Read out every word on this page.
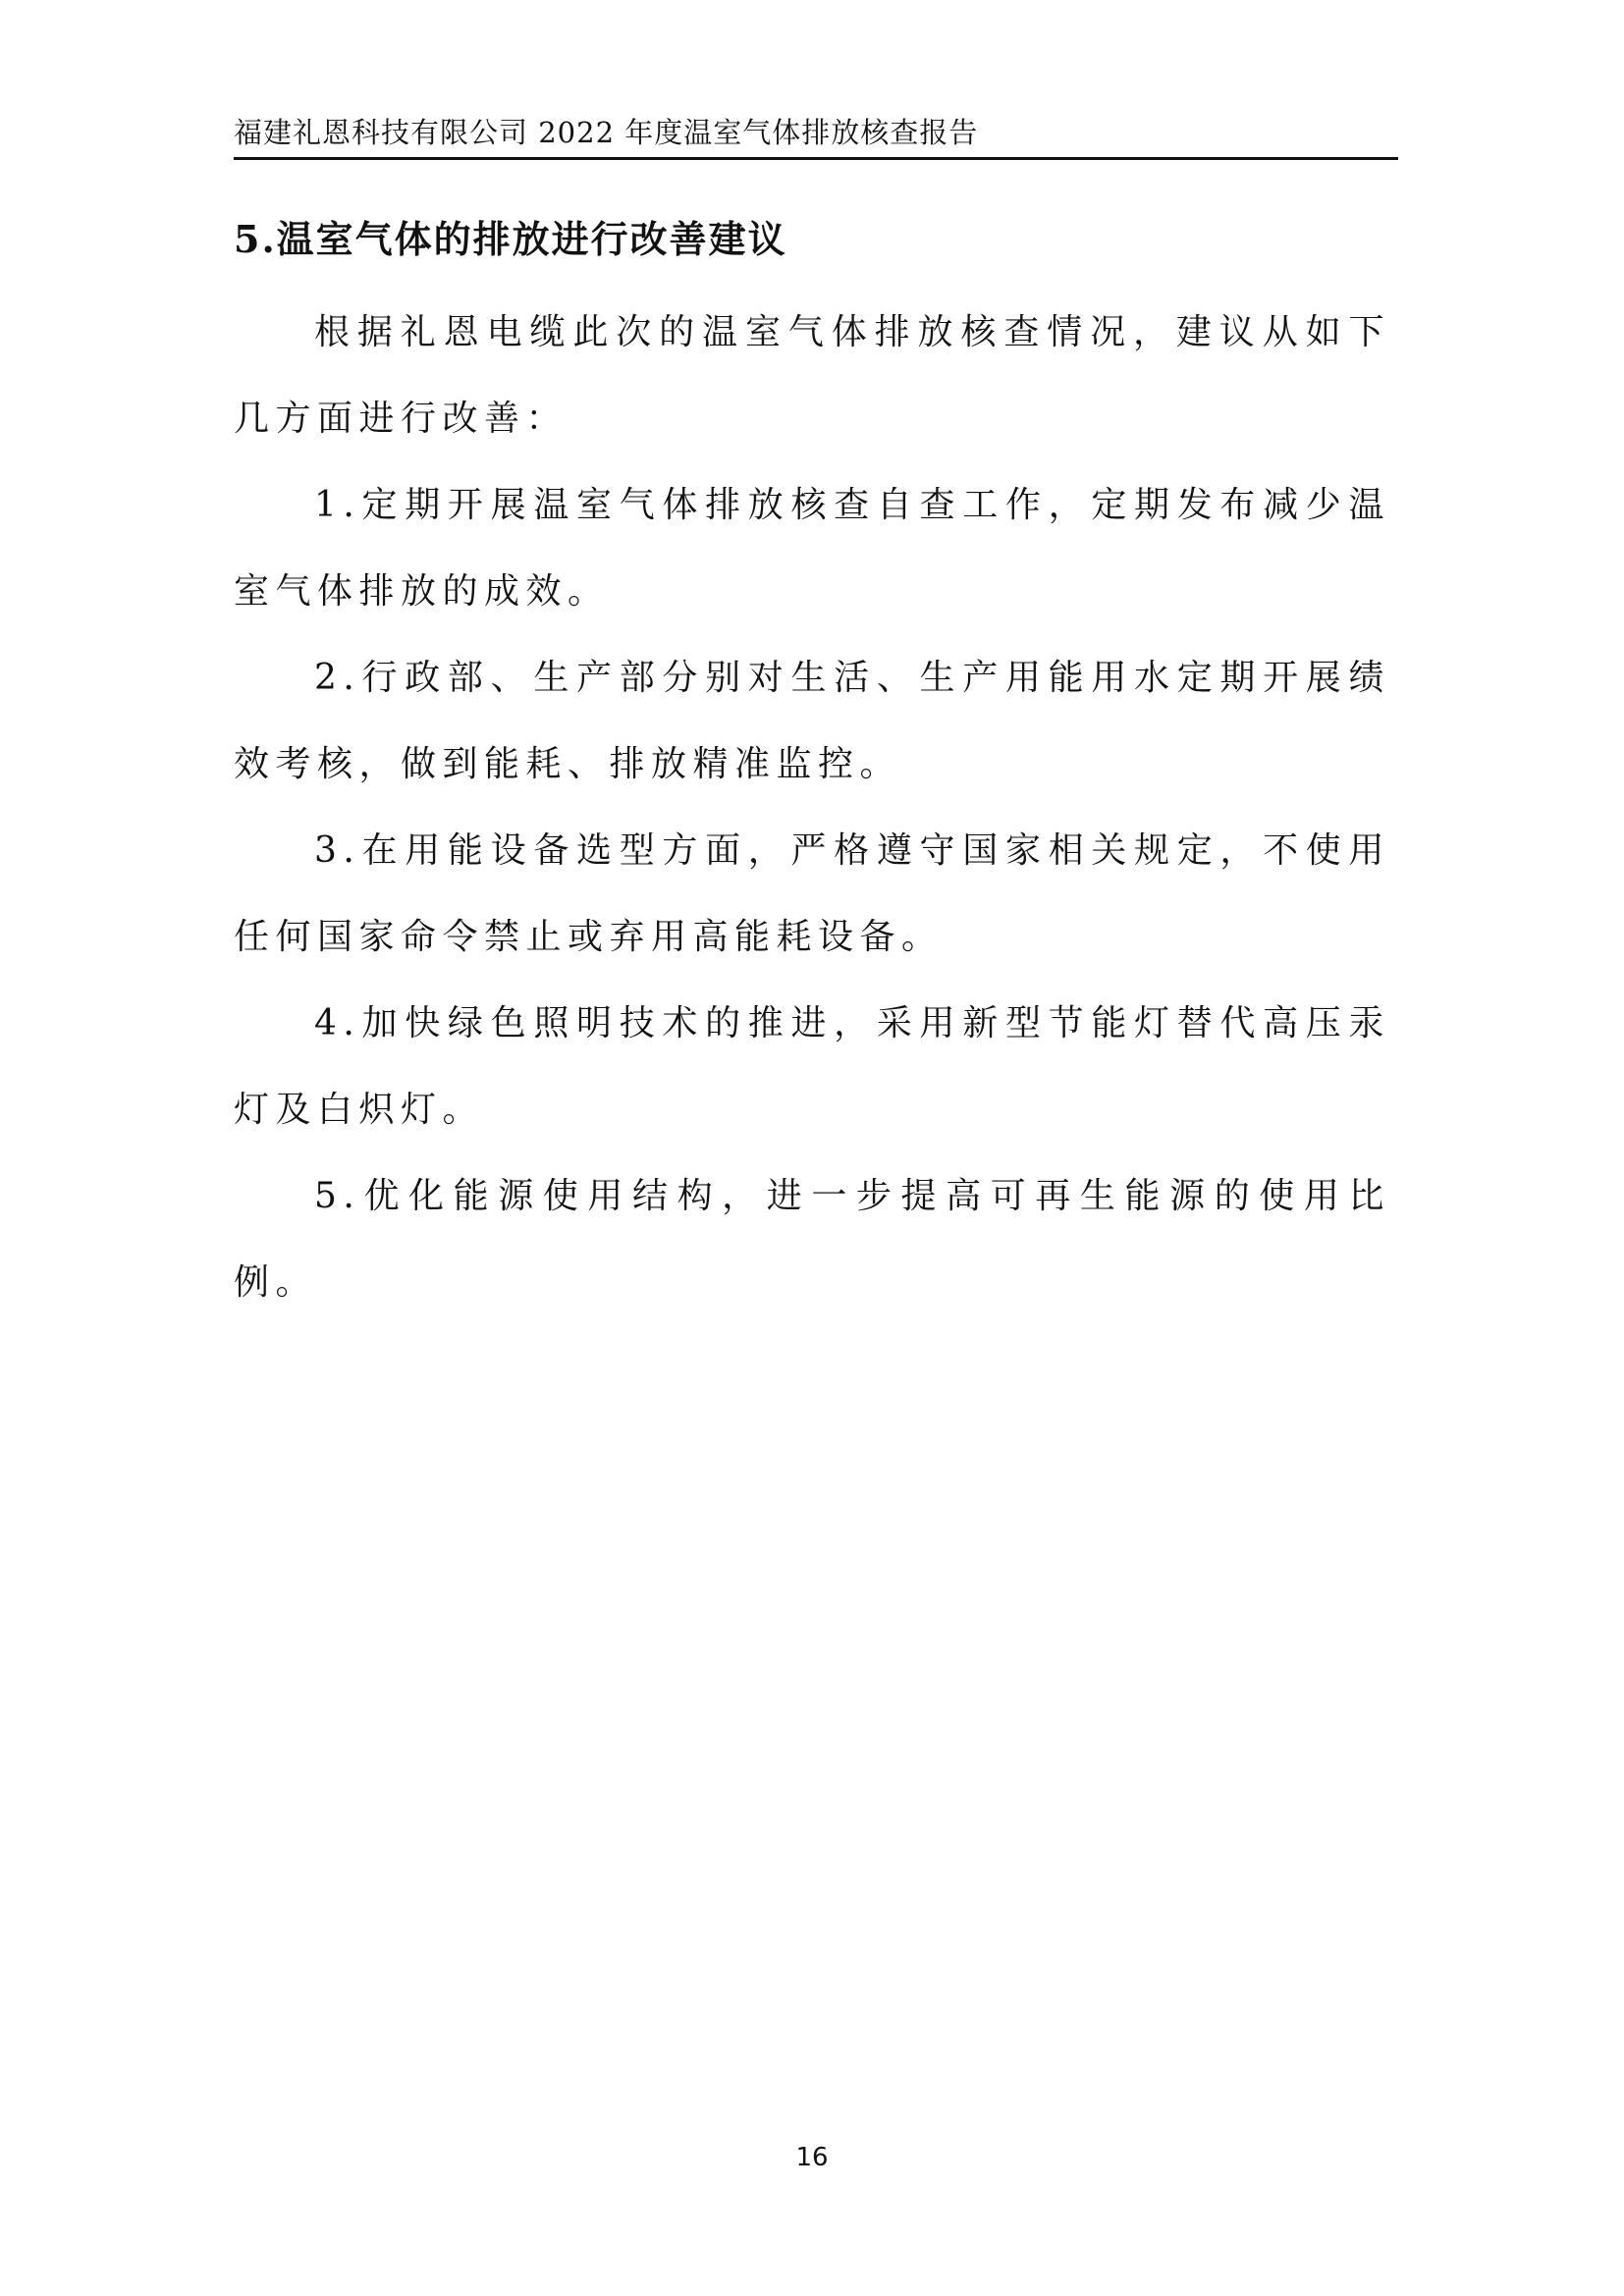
福建礼恩科技有限公司 2022 年度温室气体排放核查报告
5.温室气体的排放进行改善建议

根据礼恩电缆此次的温室气体排放核查情况，建议从如下几方面进行改善：

1.定期开展温室气体排放核查自查工作，定期发布减少温室气体排放的成效。

2.行政部、生产部分别对生活、生产用能用水定期开展绩效考核，做到能耗、排放精准监控。

3.在用能设备选型方面，严格遵守国家相关规定，不使用任何国家命令禁止或弃用高能耗设备。

4.加快绿色照明技术的推进，采用新型节能灯替代高压汞灯及白炽灯。

5.优化能源使用结构，进一步提高可再生能源的使用比例。

16
